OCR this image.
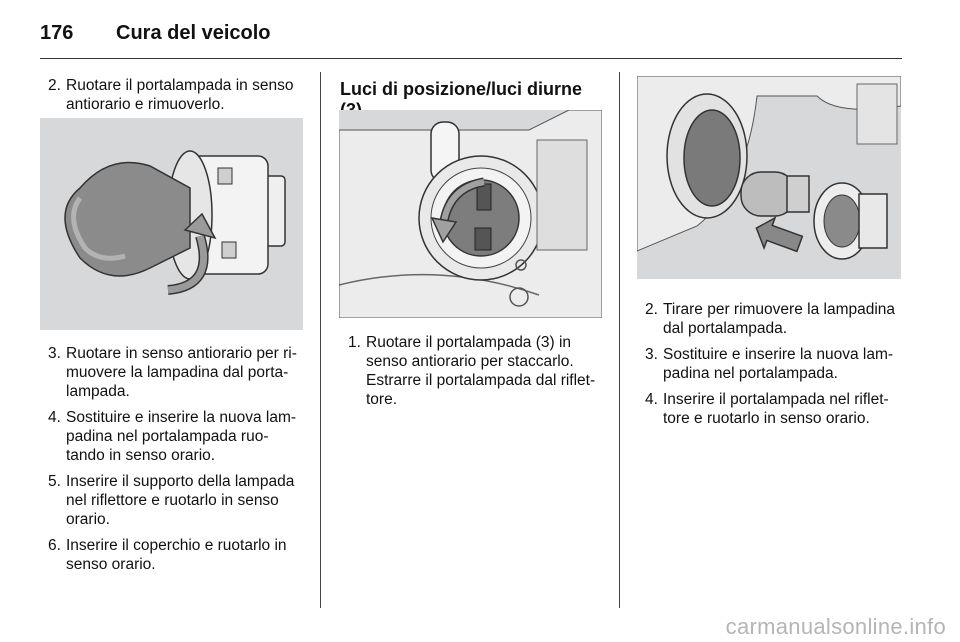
176 Cura del veicolo
2. Ruotare il portalampada in senso antiorario e rimuoverlo.
3. Ruotare in senso antiorario per ri-muovere la lampadina dal porta-lampada.
4. Sostituire e inserire la nuova lam-padina nel portalampada ruo-tando in senso orario.
5. Inserire il supporto della lampada nel riflettore e ruotarlo in senso orario.
6. Inserire il coperchio e ruotarlo in senso orario.
Luci di posizione/luci diurne
1. Ruotare il portalampada (3) in senso antiorario per staccarlo. Estrarre il portalampada dal riflet-tore.
2. Tirare per rimuovere la lampadina dal portalampada.
3. Sostituire e inserire la nuova lam-padina nel portalampada.
4. Inserire il portalampada nel riflet-tore e ruotarlo in senso orario.
carmanualsonline.info
